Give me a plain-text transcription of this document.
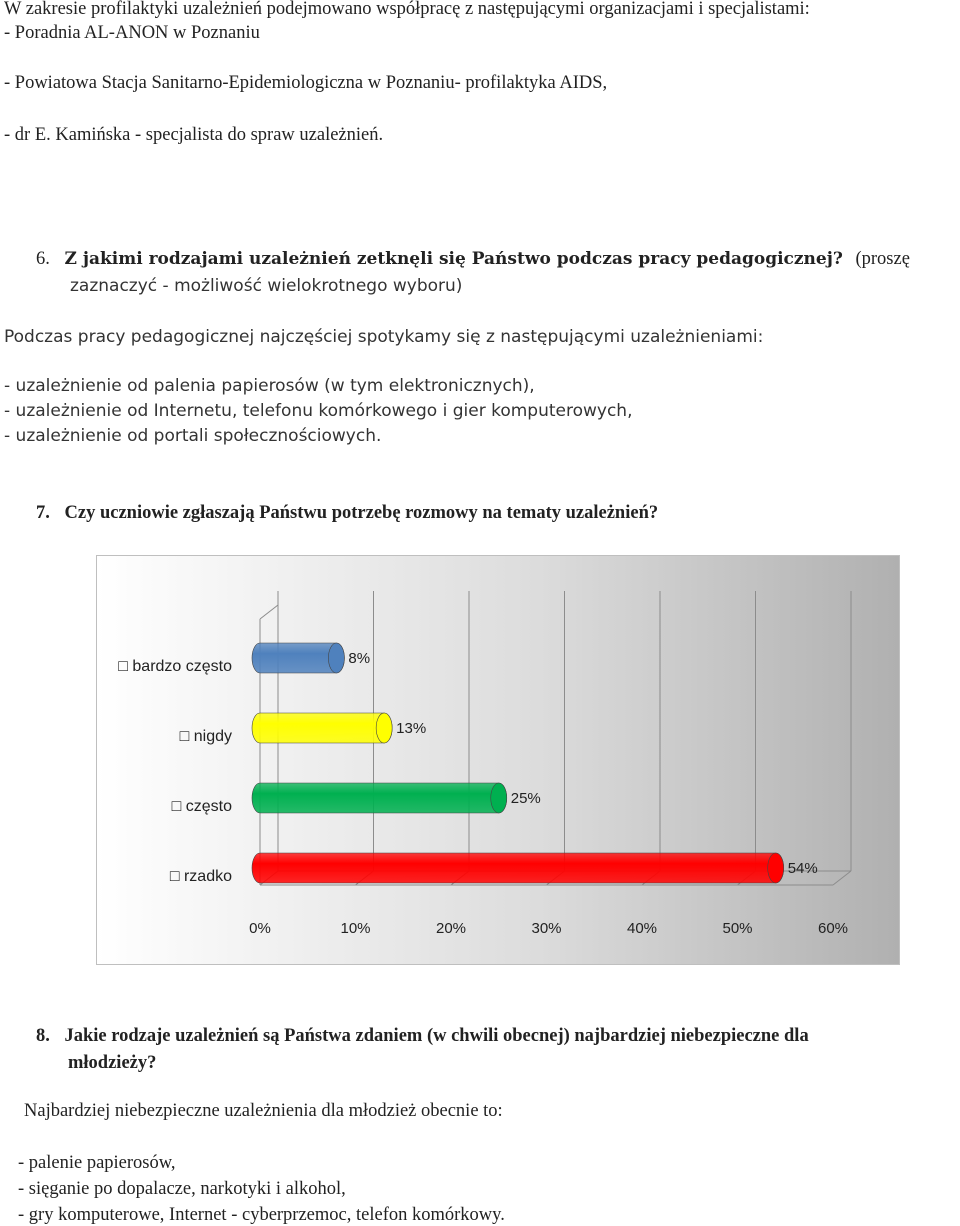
W zakresie profilaktyki uzależnień podejmowano współpracę z następującymi organizacjami i specjalistami:
- Poradnia AL-ANON w Poznaniu
- Powiatowa Stacja Sanitarno-Epidemiologiczna w Poznaniu- profilaktyka AIDS,
- dr E. Kamińska - specjalista do spraw uzależnień.
6. Z jakimi rodzajami uzależnień zetknęli się Państwo podczas pracy pedagogicznej? (proszę
zaznaczyć - możliwość wielokrotnego wyboru)
Podczas pracy pedagogicznej najczęściej spotykamy się z następującymi uzależnieniami:
- uzależnienie od palenia papierosów (w tym elektronicznych),
- uzależnienie od Internetu, telefonu komórkowego i gier komputerowych,
- uzależnienie od portali społecznościowych.
7. Czy uczniowie zgłaszają Państwu potrzebę rozmowy na tematy uzależnień?
□ bardzo często	8%
□ nigdy	13%
□ często	25%
□ rzadko	54%
0%	10%	20%	30%	40%	50%	60%
8. Jakie rodzaje uzależnień są Państwa zdaniem (w chwili obecnej) najbardziej niebezpieczne dla
młodzieży?
Najbardziej niebezpieczne uzależnienia dla młodzież obecnie to:
- palenie papierosów,
- sięganie po dopalacze, narkotyki i alkohol,
- gry komputerowe, Internet - cyberprzemoc, telefon komórkowy.
